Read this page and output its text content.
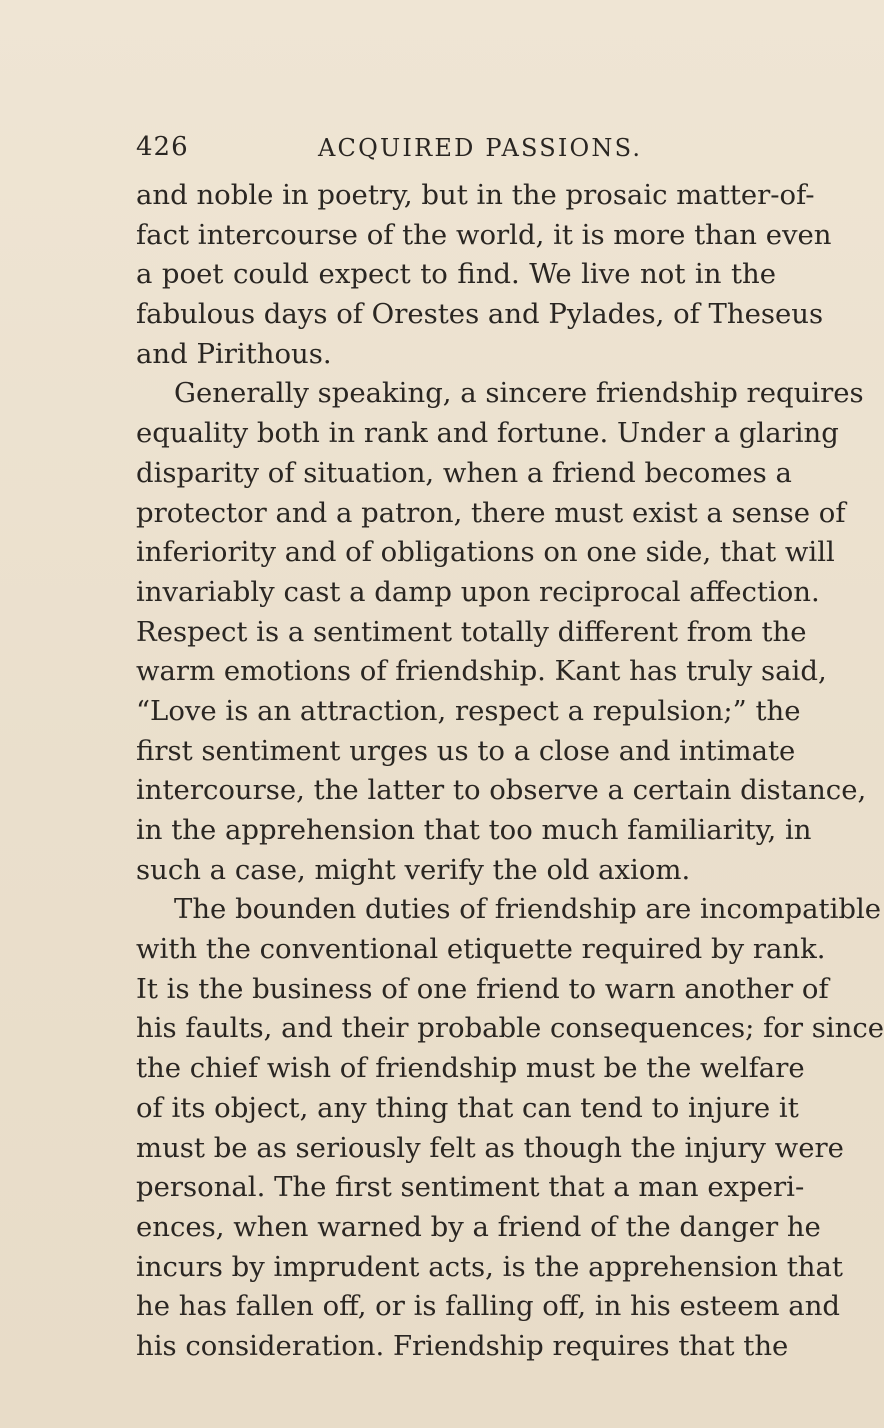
426	ACQUIRED PASSIONS.
and noble in poetry, but in the prosaic matter-of-
fact intercourse of the world, it is more than even
a poet could expect to find. We live not in the
fabulous days of Orestes and Pylades, of Theseus
and Pirithous.
Generally speaking, a sincere friendship requires
equality both in rank and fortune. Under a glaring
disparity of situation, when a friend becomes a
protector and a patron, there must exist a sense of
inferiority and of obligations on one side, that will
invariably cast a damp upon reciprocal affection.
Respect is a sentiment totally different from the
warm emotions of friendship. Kant has truly said,
“Love is an attraction, respect a repulsion;” the
first sentiment urges us to a close and intimate
intercourse, the latter to observe a certain distance,
in the apprehension that too much familiarity, in
such a case, might verify the old axiom.
The bounden duties of friendship are incompatible
with the conventional etiquette required by rank.
It is the business of one friend to warn another of
his faults, and their probable consequences; for since
the chief wish of friendship must be the welfare
of its object, any thing that can tend to injure it
must be as seriously felt as though the injury were
personal. The first sentiment that a man experi-
ences, when warned by a friend of the danger he
incurs by imprudent acts, is the apprehension that
he has fallen off, or is falling off, in his esteem and
his consideration. Friendship requires that the
